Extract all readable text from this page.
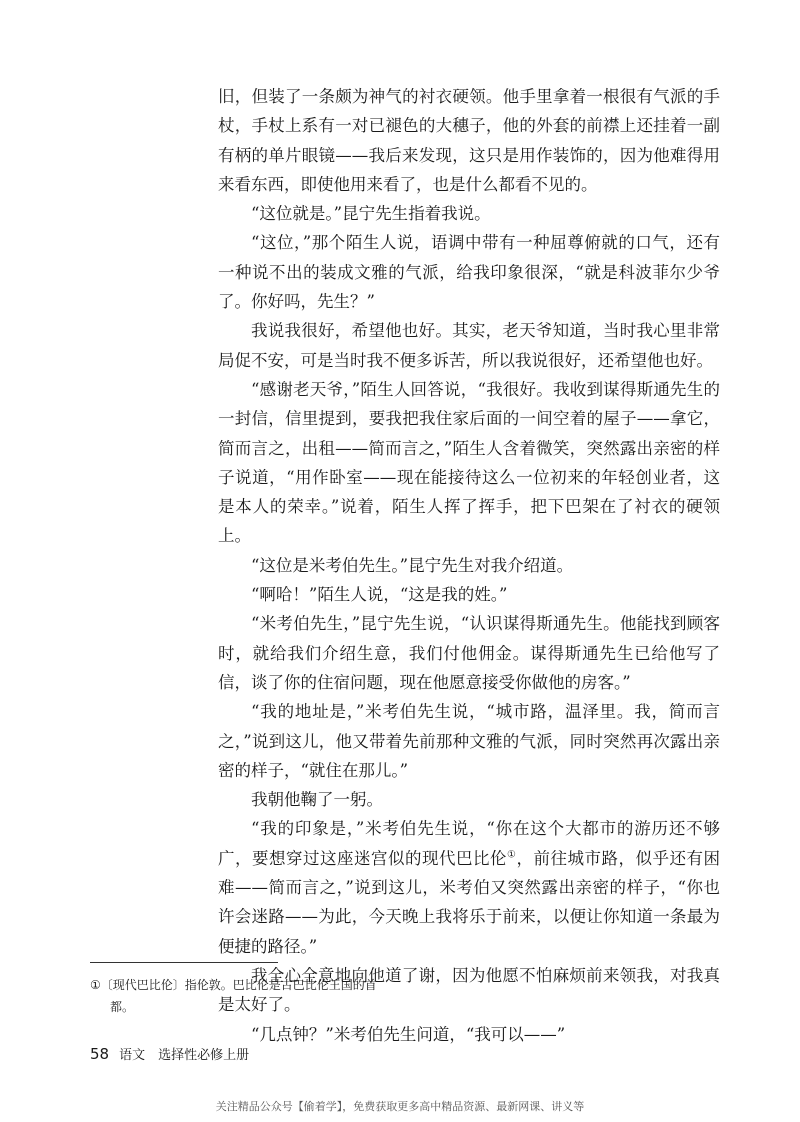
旧，但装了一条颇为神气的衬衣硬领。他手里拿着一根很有气派的手杖，手杖上系有一对已褪色的大穗子，他的外套的前襟上还挂着一副有柄的单片眼镜——我后来发现，这只是用作装饰的，因为他难得用来看东西，即使他用来看了，也是什么都看不见的。

“这位就是。”昆宁先生指着我说。

“这位，”那个陌生人说，语调中带有一种屈尊俯就的口气，还有一种说不出的装成文雅的气派，给我印象很深，“就是科波菲尔少爷了。你好吗，先生？”

我说我很好，希望他也好。其实，老天爷知道，当时我心里非常局促不安，可是当时我不便多诉苦，所以我说很好，还希望他也好。

“感谢老天爷，”陌生人回答说，“我很好。我收到谋得斯通先生的一封信，信里提到，要我把我住家后面的一间空着的屋子——拿它，简而言之，出租——简而言之，”陌生人含着微笑，突然露出亲密的样子说道，“用作卧室——现在能接待这么一位初来的年轻创业者，这是本人的荣幸。”说着，陌生人挥了挥手，把下巴架在了衬衣的硬领上。

“这位是米考伯先生。”昆宁先生对我介绍道。

“啊哈！”陌生人说，“这是我的姓。”

“米考伯先生，”昆宁先生说，“认识谋得斯通先生。他能找到顾客时，就给我们介绍生意，我们付他佣金。谋得斯通先生已给他写了信，谈了你的住宿问题，现在他愿意接受你做他的房客。”

“我的地址是，”米考伯先生说，“城市路，温泽里。我，简而言之，”说到这儿，他又带着先前那种文雅的气派，同时突然再次露出亲密的样子，“就住在那儿。”

我朝他鞠了一躬。

“我的印象是，”米考伯先生说，“你在这个大都市的游历还不够广，要想穿过这座迷宫似的现代巴比伦①，前往城市路，似乎还有困难——简而言之，”说到这儿，米考伯又突然露出亲密的样子，“你也许会迷路——为此，今天晚上我将乐于前来，以便让你知道一条最为便捷的路径。”

我全心全意地向他道了谢，因为他愿不怕麻烦前来领我，对我真是太好了。

“几点钟？”米考伯先生问道，“我可以——”

①〔现代巴比伦〕指伦敦。巴比伦是古巴比伦王国的首都。
58 语文　选择性必修上册
关注精品公众号【偷着学】，免费获取更多高中精品资源、最新网课、讲义等
